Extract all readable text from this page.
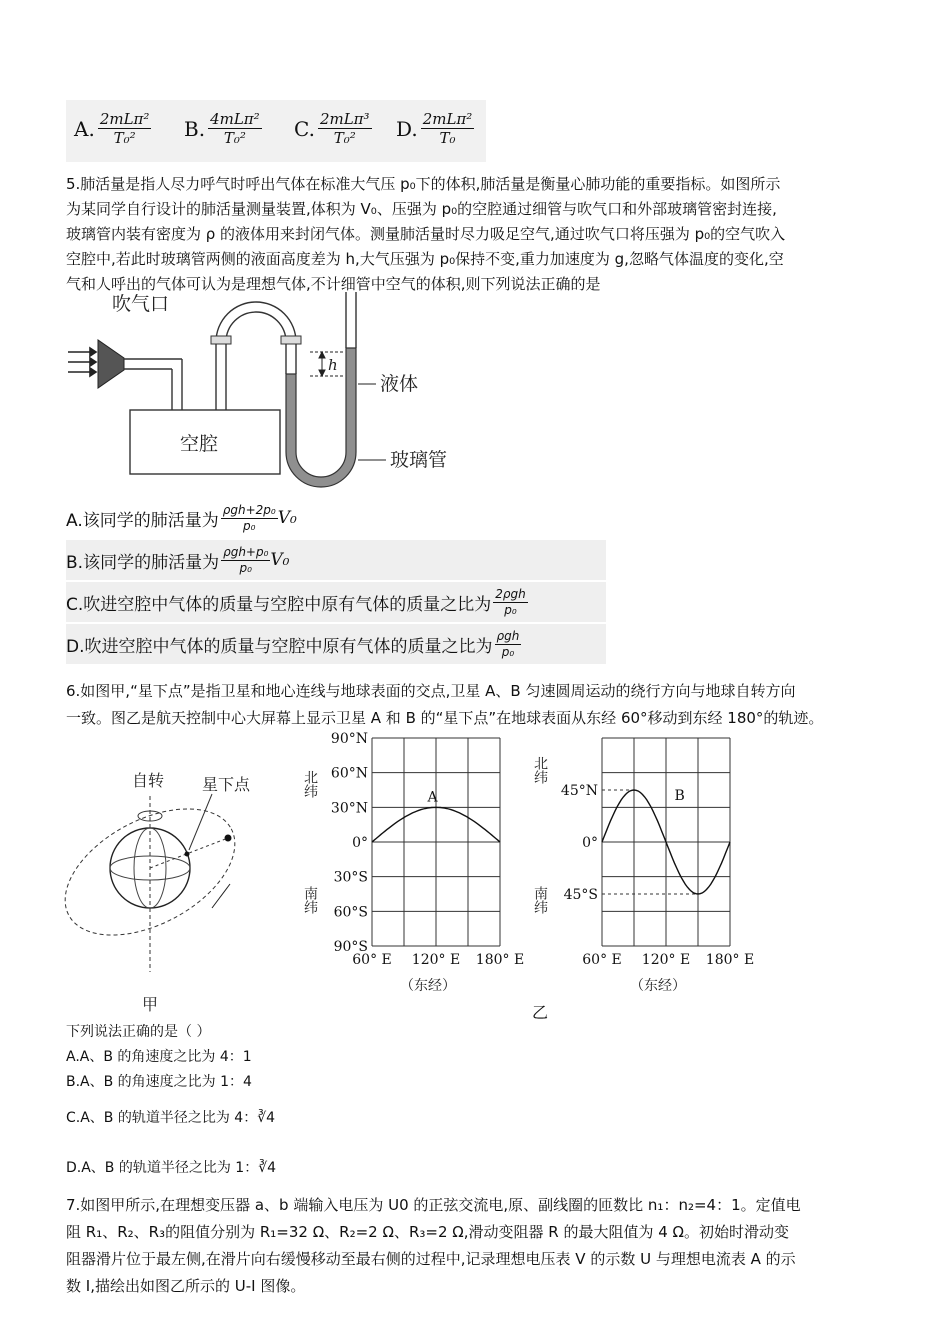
A. $\frac{\text{2mLπ²}}{\text{T₀²}} B$. $\frac{\text{4mLπ²}}{\text{T₀²}} C$. $\frac{\text{2mLπ³}}{\text{T₀²}} D$. $\frac{\text{2mLπ²}}{\text{T₀}}$

5.肺活量是指人尽力呼气时呼出气体在标准大气压 p₀下的体积,肺活量是衡量心肺功能的重要指标。如图所示

为某同学自行设计的肺活量测量装置,体积为 V₀、压强为 p₀的空腔通过细管与吹气口和外部玻璃管密封连接,

玻璃管内装有密度为 ρ 的液体用来封闭气体。测量肺活量时尽力吸足空气,通过吹气口将压强为 p₀的空气吹入

空腔中,若此时玻璃管两侧的液面高度差为 h,大气压强为 p₀保持不变,重力加速度为 g,忽略气体温度的变化,空

气和人呼出的气体可认为是理想气体,不计细管中空气的体积,则下列说法正确的是

吹气口
空腔
h
液体
玻璃管
A.该同学的肺活量为 $\frac{\text{ρgh+2p₀}}{\text{p₀}} V_0$
B.该同学的肺活量为 $\frac{\text{ρgh+p₀}}{\text{p₀}} V_0$
C.吹进空腔中气体的质量与空腔中原有气体的质量之比为 $\frac{\text{2ρgh}}{\text{p₀}}$
D.吹进空腔中气体的质量与空腔中原有气体的质量之比为 $\frac{\text{ρgh}}{\text{p₀}}$
6.如图甲,“星下点”是指卫星和地心连线与地球表面的交点,卫星 A、B 匀速圆周运动的绕行方向与地球自转方向
一致。图乙是航天控制中心大屏幕上显示卫星 A 和 B 的“星下点”在地球表面从东经 60°移动到东经 180°的轨迹。
自转 星下点
甲
90°N
60°N
30°N
0°
30°S
60°S
90°S
60° E 120° E 180° E
A
北纬
南纬
（东经）
45°N
0°
45°S
60° E 120° E 180° E
B
北纬
南纬
（东经）
乙
下列说法正确的是（ ）
A.A、B 的角速度之比为 4：1
B.A、B 的角速度之比为 1：4
C.A、B 的轨道半径之比为 4：∛4
D.A、B 的轨道半径之比为 1：∛4
7.如图甲所示,在理想变压器 a、b 端输入电压为 U0 的正弦交流电,原、副线圈的匝数比 n₁：n₂=4：1。定值电
阻 R₁、R₂、R₃的阻值分别为 R₁=32 Ω、R₂=2 Ω、R₃=2 Ω,滑动变阻器 R 的最大阻值为 4 Ω。初始时滑动变
阻器滑片位于最左侧,在滑片向右缓慢移动至最右侧的过程中,记录理想电压表 V 的示数 U 与理想电流表 A 的示
数 I,描绘出如图乙所示的 U-I 图像。
